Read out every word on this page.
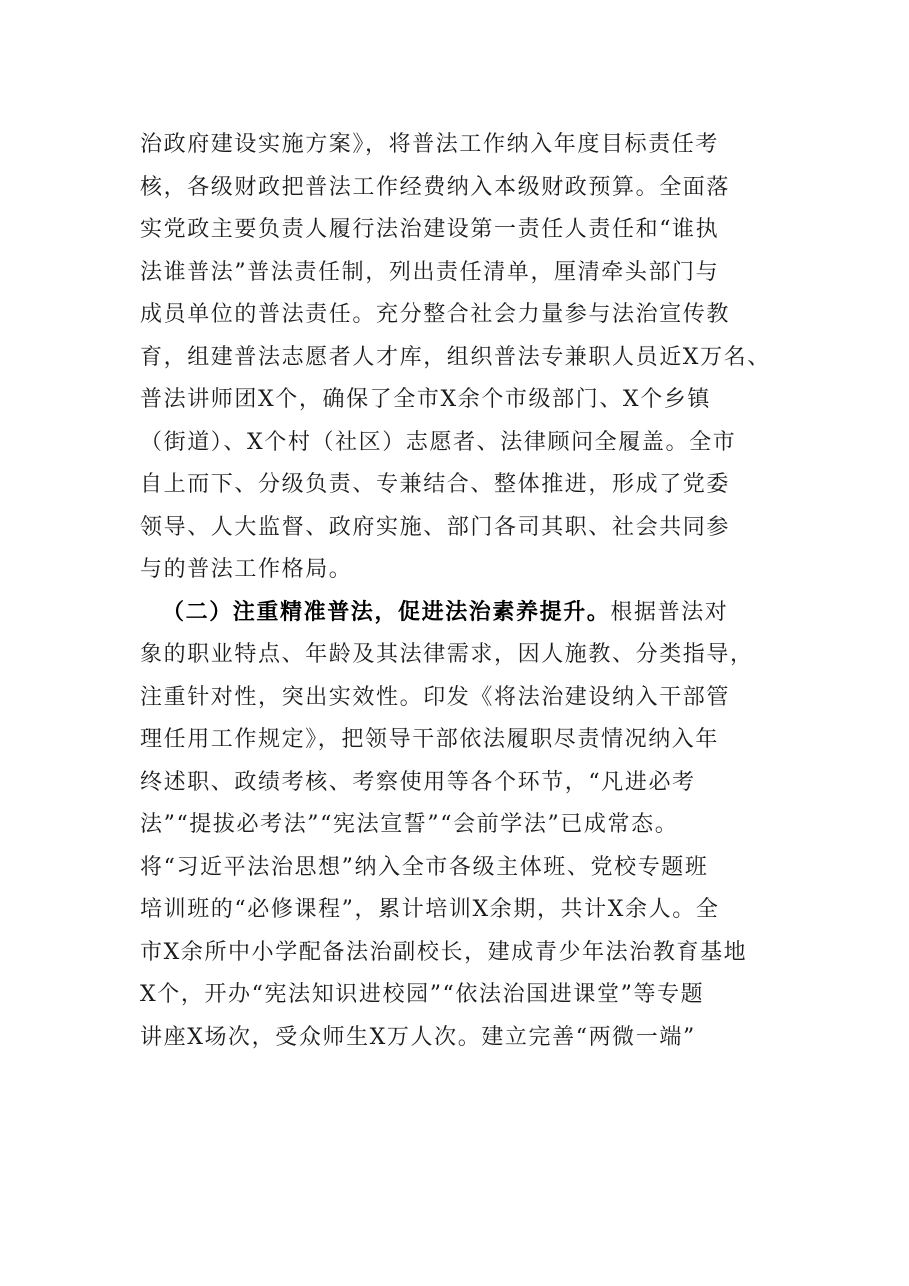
治政府建设实施方案》，将普法工作纳入年度目标责任考
核，各级财政把普法工作经费纳入本级财政预算。全面落
实党政主要负责人履行法治建设第一责任人责任和“谁执
法谁普法”普法责任制，列出责任清单，厘清牵头部门与
成员单位的普法责任。充分整合社会力量参与法治宣传教
育，组建普法志愿者人才库，组织普法专兼职人员近X万名、
普法讲师团X个，确保了全市X余个市级部门、X个乡镇
（街道）、X个村（社区）志愿者、法律顾问全履盖。全市
自上而下、分级负责、专兼结合、整体推进，形成了党委
领导、人大监督、政府实施、部门各司其职、社会共同参
与的普法工作格局。
（二）注重精准普法，促进法治素养提升。根据普法对
象的职业特点、年龄及其法律需求，因人施教、分类指导，
注重针对性，突出实效性。印发《将法治建设纳入干部管
理任用工作规定》，把领导干部依法履职尽责情况纳入年
终述职、政绩考核、考察使用等各个环节，“凡进必考
法”“提拔必考法”“宪法宣誓”“会前学法”已成常态。
将“习近平法治思想”纳入全市各级主体班、党校专题班
培训班的“必修课程”，累计培训X余期，共计X余人。全
市X余所中小学配备法治副校长，建成青少年法治教育基地
X个，开办“宪法知识进校园”“依法治国进课堂”等专题
讲座X场次，受众师生X万人次。建立完善“两微一端”
